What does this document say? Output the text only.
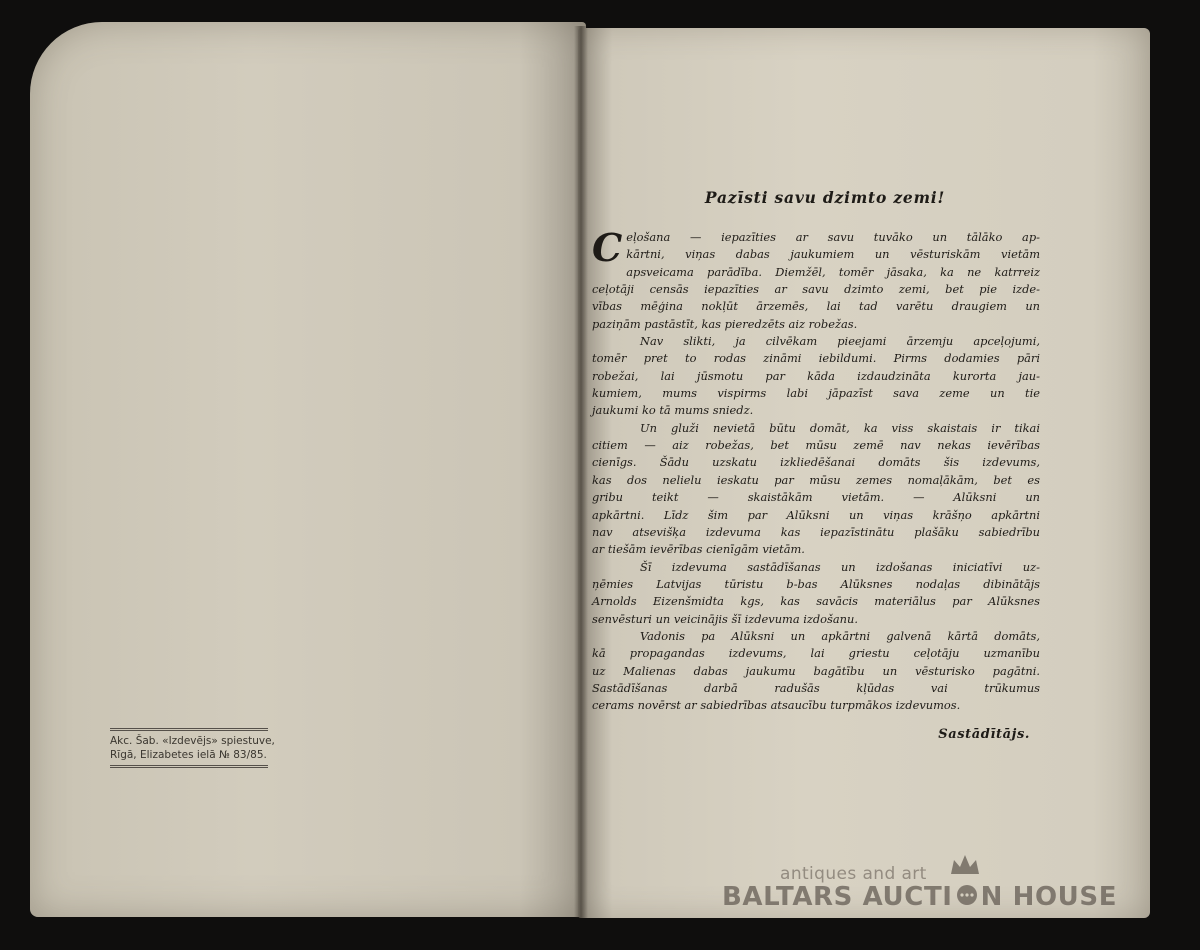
Akc. Šab. «Izdevējs» spiestuve,
Rīgā, Elizabetes ielā № 83/85.
Pazīsti savu dzimto zemi!
C eļošana — iepazīties ar savu tuvāko un tālāko ap-
kārtni, viņas dabas jaukumiem un vēsturiskām vietām
apsveicama parādība. Diemžēl, tomēr jāsaka, ka ne katrreiz
ceļotāji censās iepazīties ar savu dzimto zemi, bet pie izde-
vības mēģina nokļūt ārzemēs, lai tad varētu draugiem un
paziņām pastāstīt, kas pieredzēts aiz robežas.
Nav slikti, ja cilvēkam pieejami ārzemju apceļojumi,
tomēr pret to rodas zināmi iebildumi. Pirms dodamies pāri
robežai, lai jūsmotu par kāda izdaudzināta kurorta jau-
kumiem, mums vispirms labi jāpazīst sava zeme un tie
jaukumi ko tā mums sniedz.
Un gluži nevietā būtu domāt, ka viss skaistais ir tikai
citiem — aiz robežas, bet mūsu zemē nav nekas ievērības
cienīgs. Šādu uzskatu izkliedēšanai domāts šis izdevums,
kas dos nelielu ieskatu par mūsu zemes nomaļākām, bet es
gribu teikt — skaistākām vietām. — Alūksni un
apkārtni. Līdz šim par Alūksni un viņas krāšņo apkārtni
nav atsevišķa izdevuma kas iepazīstinātu plašāku sabiedrību
ar tiešām ievērības cienīgām vietām.
Šī izdevuma sastādīšanas un izdošanas iniciatīvi uz-
ņēmies Latvijas tūristu b-bas Alūksnes nodaļas dibinātājs
Arnolds Eizenšmidta kgs, kas savācis materiālus par Alūksnes
senvēsturi un veicinājis šī izdevuma izdošanu.
Vadonis pa Alūksni un apkārtni galvenā kārtā domāts,
kā propagandas izdevums, lai griestu ceļotāju uzmanību
uz Malienas dabas jaukumu bagātību un vēsturisko pagātni.
Sastādīšanas darbā radušās kļūdas vai trūkumus
cerams novērst ar sabiedrības atsaucību turpmākos izdevumos.
Sastādītājs.
antiques and art
BALTARS AUCTI N HOUSE
